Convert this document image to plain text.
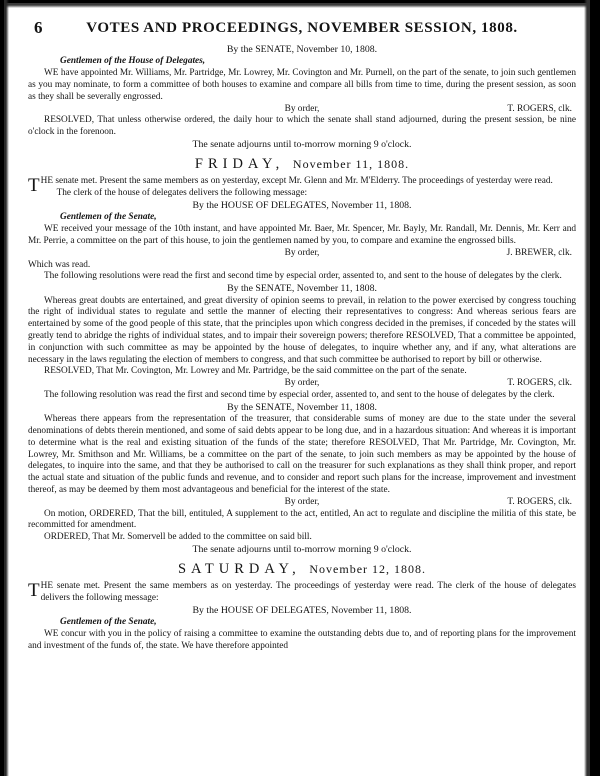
6	VOTES AND PROCEEDINGS, NOVEMBER SESSION, 1808.
By the SENATE, November 10, 1808.
Gentlemen of the House of Delegates,

WE have appointed Mr. Williams, Mr. Partridge, Mr. Lowrey, Mr. Covington and Mr. Purnell, on the part of the senate, to join such gentlemen as you may nominate, to form a committee of both houses to examine and compare all bills from time to time, during the present session, as soon as they shall be severally engrossed.

By order,	T. ROGERS, clk.

RESOLVED, That unless otherwise ordered, the daily hour to which the senate shall stand adjourned, during the present session, be nine o'clock in the forenoon.

The senate adjourns until to-morrow morning 9 o'clock.
FRIDAY, November 11, 1808.

THE senate met. Present the same members as on yesterday, except Mr. Glenn and Mr. M'Elderry. The proceedings of yesterday were read.

The clerk of the house of delegates delivers the following message:

By the HOUSE OF DELEGATES, November 11, 1808.
Gentlemen of the Senate,

WE received your message of the 10th instant, and have appointed Mr. Baer, Mr. Spencer, Mr. Bayly, Mr. Randall, Mr. Dennis, Mr. Kerr and Mr. Perrie, a committee on the part of this house, to join the gentlemen named by you, to compare and examine the engrossed bills.

By order,	J. BREWER, clk.

Which was read.

The following resolutions were read the first and second time by especial order, assented to, and sent to the house of delegates by the clerk.

By the SENATE, November 11, 1808.

Whereas great doubts are entertained, and great diversity of opinion seems to prevail, in relation to the power exercised by congress touching the right of individual states to regulate and settle the manner of electing their representatives to congress: And whereas serious fears are entertained by some of the good people of this state, that the principles upon which congress decided in the premises, if conceded by the states will greatly tend to abridge the rights of individual states, and to impair their sovereign powers; therefore RESOLVED, That a committee be appointed, in conjunction with such committee as may be appointed by the house of delegates, to inquire whether any, and if any, what alterations are necessary in the laws regulating the election of members to congress, and that such committee be authorised to report by bill or otherwise.

RESOLVED, That Mr. Covington, Mr. Lowrey and Mr. Partridge, be the said committee on the part of the senate.

By order,	T. ROGERS, clk.

The following resolution was read the first and second time by especial order, assented to, and sent to the house of delegates by the clerk.

By the SENATE, November 11, 1808.

Whereas there appears from the representation of the treasurer, that considerable sums of money are due to the state under the several denominations of debts therein mentioned, and some of said debts appear to be long due, and in a hazardous situation: And whereas it is important to determine what is the real and existing situation of the funds of the state; therefore RESOLVED, That Mr. Partridge, Mr. Covington, Mr. Lowrey, Mr. Smithson and Mr. Williams, be a committee on the part of the senate, to join such members as may be appointed by the house of delegates, to inquire into the same, and that they be authorised to call on the treasurer for such explanations as they shall think proper, and report the actual state and situation of the public funds and revenue, and to consider and report such plans for the increase, improvement and investment thereof, as may be deemed by them most advantageous and beneficial for the interest of the state.

By order,	T. ROGERS, clk.

On motion, ORDERED, That the bill, entituled, A supplement to the act, entitled, An act to regulate and discipline the militia of this state, be recommitted for amendment.

ORDERED, That Mr. Somervell be added to the committee on said bill.

The senate adjourns until to-morrow morning 9 o'clock.
SATURDAY, November 12, 1808.

THE senate met. Present the same members as on yesterday. The proceedings of yesterday were read. The clerk of the house of delegates delivers the following message:

By the HOUSE OF DELEGATES, November 11, 1808.
Gentlemen of the Senate,

WE concur with you in the policy of raising a committee to examine the outstanding debts due to, and of reporting plans for the improvement and investment of the funds of, the state. We have therefore appointed
